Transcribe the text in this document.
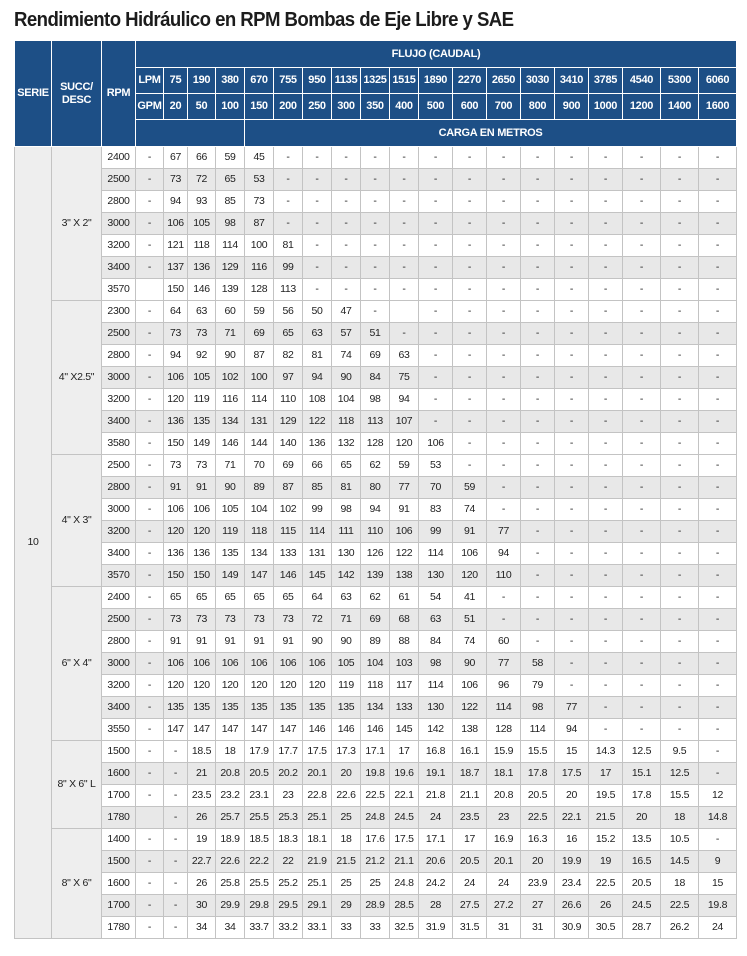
Rendimiento Hidráulico en RPM Bombas de Eje Libre y SAE
SERIE	SUCC/ DESC	RPM	FLUJO (CAUDAL)																		
			LPM	75	190	380	670	755	950	1135	1325	1515	1890	2270	2650	3030	3410	3785	4540	5300	6060
			GPM	20	50	100	150	200	250	300	350	400	500	600	700	800	900	1000	1200	1400	1600
							CARGA EN METROS														
10	3" X 2"	2400	-	67	66	59	45	-	-	-	-	-	-	-	-	-	-	-	-	-	-
		2500	-	73	72	65	53	-	-	-	-	-	-	-	-	-	-	-	-	-	-
		2800	-	94	93	85	73	-	-	-	-	-	-	-	-	-	-	-	-	-	-
		3000	-	106	105	98	87	-	-	-	-	-	-	-	-	-	-	-	-	-	-
		3200	-	121	118	114	100	81	-	-	-	-	-	-	-	-	-	-	-	-	-
		3400	-	137	136	129	116	99	-	-	-	-	-	-	-	-	-	-	-	-	-
		3570		150	146	139	128	113	-	-	-	-	-	-	-	-	-	-	-	-	-
	4" X2.5"	2300	-	64	63	60	59	56	50	47	-		-	-	-	-	-	-	-	-	-
		2500	-	73	73	71	69	65	63	57	51	-	-	-	-	-	-	-	-	-	-
		2800	-	94	92	90	87	82	81	74	69	63	-	-	-	-	-	-	-	-	-
		3000	-	106	105	102	100	97	94	90	84	75	-	-	-	-	-	-	-	-	-
		3200	-	120	119	116	114	110	108	104	98	94	-	-	-	-	-	-	-	-	-
		3400	-	136	135	134	131	129	122	118	113	107	-	-	-	-	-	-	-	-	-
		3580	-	150	149	146	144	140	136	132	128	120	106	-	-	-	-	-	-	-	-
	4" X 3"	2500	-	73	73	71	70	69	66	65	62	59	53	-	-	-	-	-	-	-	-
		2800	-	91	91	90	89	87	85	81	80	77	70	59	-	-	-	-	-	-	-
		3000	-	106	106	105	104	102	99	98	94	91	83	74	-	-	-	-	-	-	-
		3200	-	120	120	119	118	115	114	111	110	106	99	91	77	-	-	-	-	-	-
		3400	-	136	136	135	134	133	131	130	126	122	114	106	94	-	-	-	-	-	-
		3570	-	150	150	149	147	146	145	142	139	138	130	120	110	-	-	-	-	-	-
	6" X 4"	2400	-	65	65	65	65	65	64	63	62	61	54	41	-	-	-	-	-	-	-
		2500	-	73	73	73	73	73	72	71	69	68	63	51	-	-	-	-	-	-	-
		2800	-	91	91	91	91	91	90	90	89	88	84	74	60	-	-	-	-	-	-
		3000	-	106	106	106	106	106	106	105	104	103	98	90	77	58	-	-	-	-	-
		3200	-	120	120	120	120	120	120	119	118	117	114	106	96	79	-	-	-	-	-
		3400	-	135	135	135	135	135	135	135	134	133	130	122	114	98	77	-	-	-	-
		3550	-	147	147	147	147	147	146	146	146	145	142	138	128	114	94	-	-	-	-
	8" X 6" L	1500	-	-	18.5	18	17.9	17.7	17.5	17.3	17.1	17	16.8	16.1	15.9	15.5	15	14.3	12.5	9.5	-
		1600	-	-	21	20.8	20.5	20.2	20.1	20	19.8	19.6	19.1	18.7	18.1	17.8	17.5	17	15.1	12.5	-
		1700	-	-	23.5	23.2	23.1	23	22.8	22.6	22.5	22.1	21.8	21.1	20.8	20.5	20	19.5	17.8	15.5	12
		1780		-	26	25.7	25.5	25.3	25.1	25	24.8	24.5	24	23.5	23	22.5	22.1	21.5	20	18	14.8
	8" X 6"	1400	-	-	19	18.9	18.5	18.3	18.1	18	17.6	17.5	17.1	17	16.9	16.3	16	15.2	13.5	10.5	-
		1500	-	-	22.7	22.6	22.2	22	21.9	21.5	21.2	21.1	20.6	20.5	20.1	20	19.9	19	16.5	14.5	9
		1600	-	-	26	25.8	25.5	25.2	25.1	25	25	24.8	24.2	24	24	23.9	23.4	22.5	20.5	18	15
		1700	-	-	30	29.9	29.8	29.5	29.1	29	28.9	28.5	28	27.5	27.2	27	26.6	26	24.5	22.5	19.8
		1780	-	-	34	34	33.7	33.2	33.1	33	33	32.5	31.9	31.5	31	31	30.9	30.5	28.7	26.2	24
